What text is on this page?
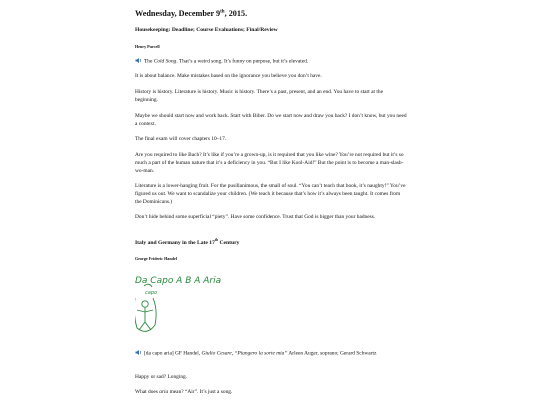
Wednesday, December 9th, 2015.
Housekeeping: Deadline; Course Evaluations; Final/Review
Henry Purcell

The Cold Song. That’s a weird song. It’s funny on purpose, but it’s elevated.

It is about balance. Make mistakes based on the ignorance you believe you don’t have.

History is history. Literature is history. Music is history. There’s a past, present, and an end. You have to start at the beginning.

Maybe we should start now and work back. Start with Biber. Do we start now and draw you back? I don’t know, but you need a context.

The final exam will cover chapters 10–17.

Are you required to like Bach? It’s like if you’re a grown-up, is it required that you like wine? You’re not required but it’s so much a part of the human nature that it’s a deficiency in you. “But I like Kool-Aid!” But the point is to become a man-slash-wo-man.

Literature is a lower-hanging fruit. For the pusillanimous, the small of soul. “You can’t teach that book, it’s naughty!” You’ve figured us out. We want to scandalize your children. (We teach it because that’s how it’s always been taught. It comes from the Dominicans.)

Don’t hide behind some superficial “piety”. Have some confidence. Trust that God is bigger than your badness.

Italy and Germany in the Late 17th Century
George Frideric Handel
Da Capo A B A Aria
capo

[da capo aria] GF Handel, Giulio Cesare, “Piangero la sorte mia” Arleen Auger, soprano; Gerard Schwartz

Happy or sad? Longing.

What does aria mean? “Air”. It’s just a song.
